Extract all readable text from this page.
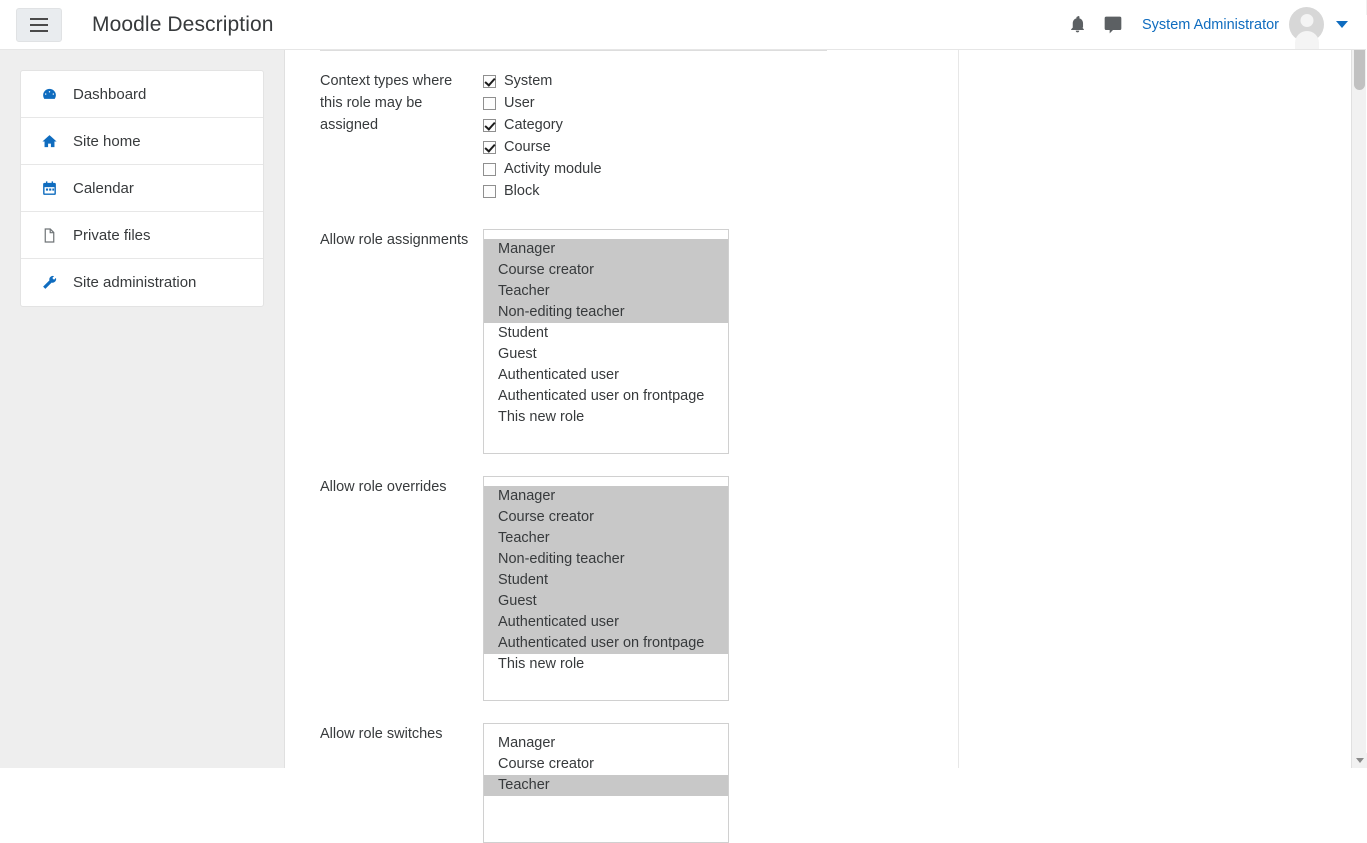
Moodle Description	System Administrator
Dashboard
Site home
Calendar
Private files
Site administration
Context types where this role may be assigned
System
User
Category
Course
Activity module
Block
Allow role assignments
Manager
Course creator
Teacher
Non-editing teacher
Student
Guest
Authenticated user
Authenticated user on frontpage
This new role
Allow role overrides
Manager
Course creator
Teacher
Non-editing teacher
Student
Guest
Authenticated user
Authenticated user on frontpage
This new role
Allow role switches
Manager
Course creator
Teacher
